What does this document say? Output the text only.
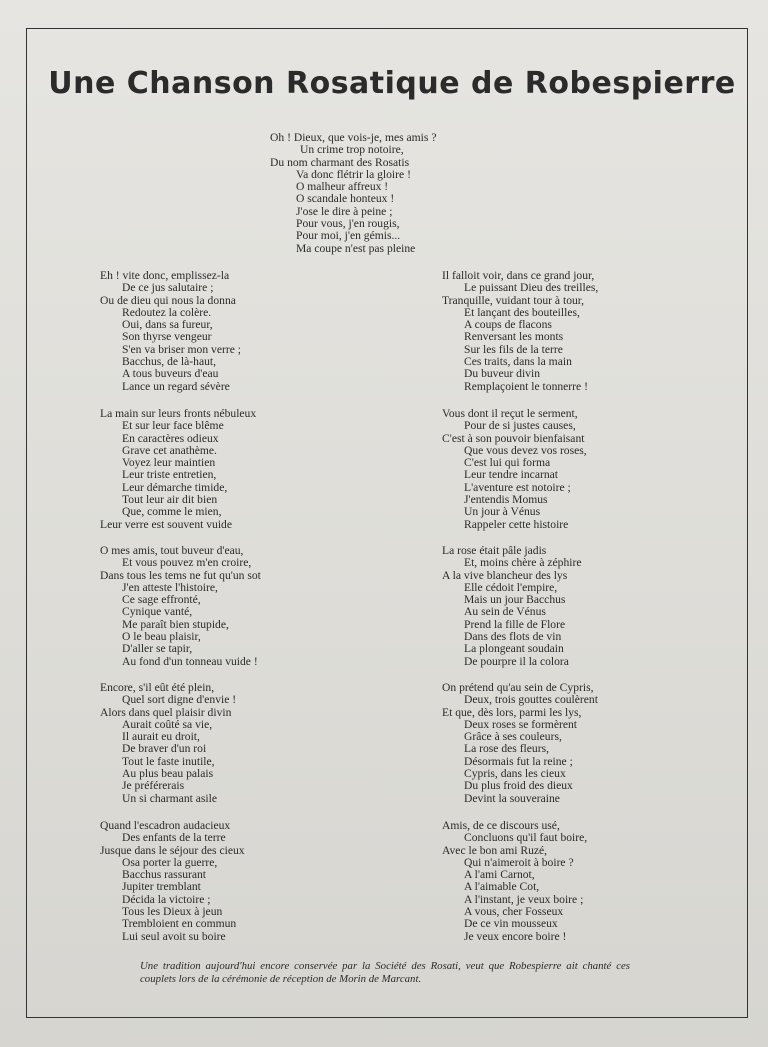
Une Chanson Rosatique de Robespierre

Oh ! Dieux, que vois-je, mes amis ?

Un crime trop notoire,

Du nom charmant des Rosatis

Va donc flétrir la gloire !

O malheur affreux !

O scandale honteux !

J'ose le dire à peine ;

Pour vous, j'en rougis,

Pour moi, j'en gémis...

Ma coupe n'est pas pleine

Eh ! vite donc, emplissez-la

De ce jus salutaire ;

Ou de dieu qui nous la donna

Redoutez la colère.

Oui, dans sa fureur,

Son thyrse vengeur

S'en va briser mon verre ;

Bacchus, de là-haut,

A tous buveurs d'eau

Lance un regard sévère

La main sur leurs fronts nébuleux

Et sur leur face blême

En caractères odieux

Grave cet anathème.

Voyez leur maintien

Leur triste entretien,

Leur démarche timide,

Tout leur air dit bien

Que, comme le mien,

Leur verre est souvent vuide

O mes amis, tout buveur d'eau,

Et vous pouvez m'en croire,

Dans tous les tems ne fut qu'un sot

J'en atteste l'histoire,

Ce sage effronté,

Cynique vanté,

Me paraît bien stupide,

O le beau plaisir,

D'aller se tapir,

Au fond d'un tonneau vuide !

Encore, s'il eût été plein,

Quel sort digne d'envie !

Alors dans quel plaisir divin

Aurait coûté sa vie,

Il aurait eu droit,

De braver d'un roi

Tout le faste inutile,

Au plus beau palais

Je préférerais

Un si charmant asile

Quand l'escadron audacieux

Des enfants de la terre

Jusque dans le séjour des cieux

Osa porter la guerre,

Bacchus rassurant

Jupiter tremblant

Décida la victoire ;

Tous les Dieux à jeun

Trembloient en commun

Lui seul avoit su boire

Il falloit voir, dans ce grand jour,

Le puissant Dieu des treilles,

Tranquille, vuidant tour à tour,

Et lançant des bouteilles,

A coups de flacons

Renversant les monts

Sur les fils de la terre

Ces traits, dans la main

Du buveur divin

Remplaçoient le tonnerre !

Vous dont il reçut le serment,

Pour de si justes causes,

C'est à son pouvoir bienfaisant

Que vous devez vos roses,

C'est lui qui forma

Leur tendre incarnat

L'aventure est notoire ;

J'entendis Momus

Un jour à Vénus

Rappeler cette histoire

La rose était pâle jadis

Et, moins chère à zéphire

A la vive blancheur des lys

Elle cédoit l'empire,

Mais un jour Bacchus

Au sein de Vénus

Prend la fille de Flore

Dans des flots de vin

La plongeant soudain

De pourpre il la colora

On prétend qu'au sein de Cypris,

Deux, trois gouttes coulèrent

Et que, dès lors, parmi les lys,

Deux roses se formèrent

Grâce à ses couleurs,

La rose des fleurs,

Désormais fut la reine ;

Cypris, dans les cieux

Du plus froid des dieux

Devint la souveraine

Amis, de ce discours usé,

Concluons qu'il faut boire,

Avec le bon ami Ruzé,

Qui n'aimeroit à boire ?

A l'ami Carnot,

A l'aimable Cot,

A l'instant, je veux boire ;

A vous, cher Fosseux

De ce vin mousseux

Je veux encore boire !

Une tradition aujourd'hui encore conservée par la Société des Rosati, veut que Robespierre ait chanté ces couplets lors de la cérémonie de réception de Morin de Marcant.
